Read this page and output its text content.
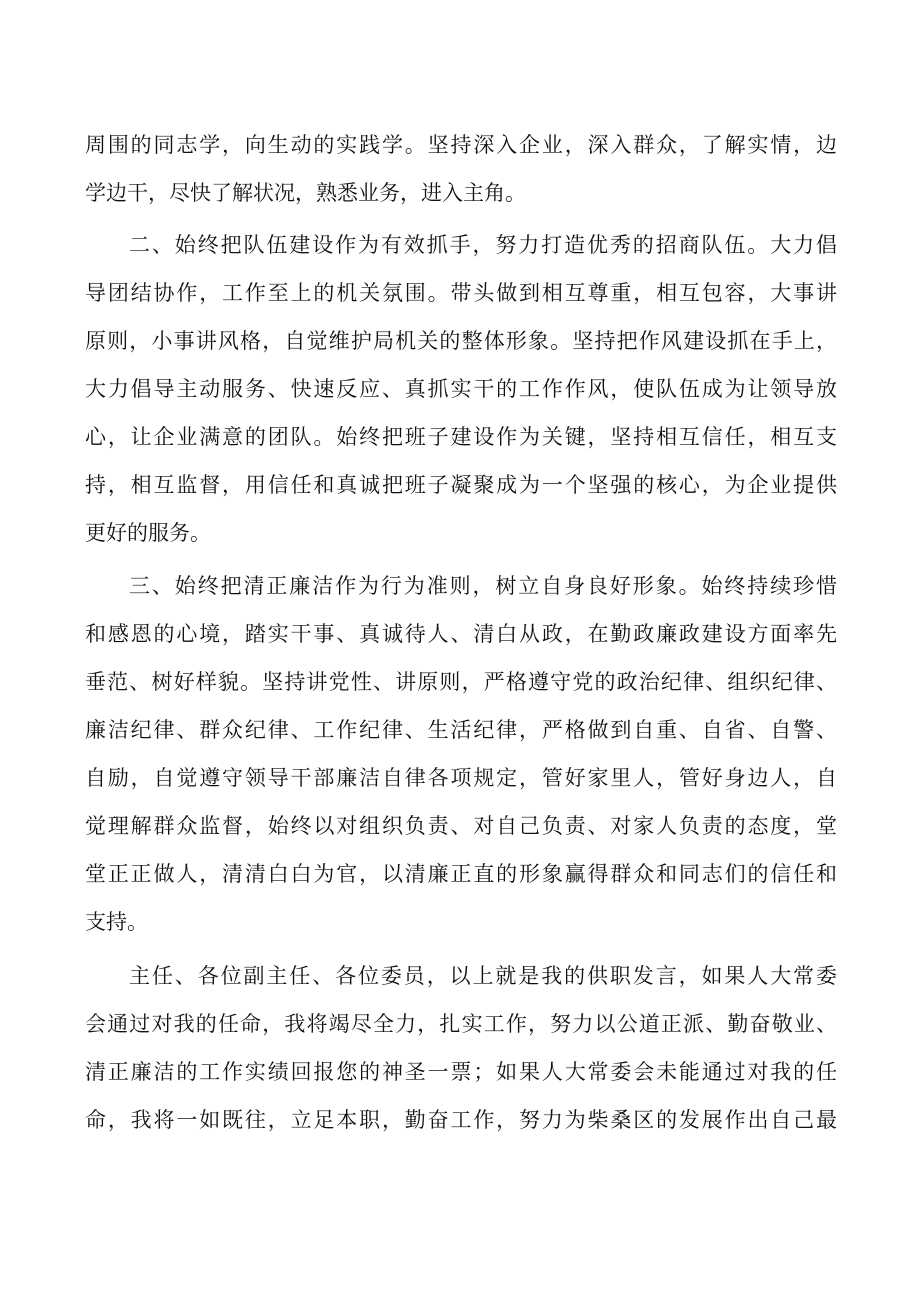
周围的同志学，向生动的实践学。坚持深入企业，深入群众，了解实情，边
学边干，尽快了解状况，熟悉业务，进入主角。
二、始终把队伍建设作为有效抓手，努力打造优秀的招商队伍。大力倡
导团结协作，工作至上的机关氛围。带头做到相互尊重，相互包容，大事讲
原则，小事讲风格，自觉维护局机关的整体形象。坚持把作风建设抓在手上，
大力倡导主动服务、快速反应、真抓实干的工作作风，使队伍成为让领导放
心，让企业满意的团队。始终把班子建设作为关键，坚持相互信任，相互支
持，相互监督，用信任和真诚把班子凝聚成为一个坚强的核心，为企业提供
更好的服务。
三、始终把清正廉洁作为行为准则，树立自身良好形象。始终持续珍惜
和感恩的心境，踏实干事、真诚待人、清白从政，在勤政廉政建设方面率先
垂范、树好样貌。坚持讲党性、讲原则，严格遵守党的政治纪律、组织纪律、
廉洁纪律、群众纪律、工作纪律、生活纪律，严格做到自重、自省、自警、
自励，自觉遵守领导干部廉洁自律各项规定，管好家里人，管好身边人，自
觉理解群众监督，始终以对组织负责、对自己负责、对家人负责的态度，堂
堂正正做人，清清白白为官，以清廉正直的形象赢得群众和同志们的信任和
支持。
主任、各位副主任、各位委员，以上就是我的供职发言，如果人大常委
会通过对我的任命，我将竭尽全力，扎实工作，努力以公道正派、勤奋敬业、
清正廉洁的工作实绩回报您的神圣一票；如果人大常委会未能通过对我的任
命，我将一如既往，立足本职，勤奋工作，努力为柴桑区的发展作出自己最
